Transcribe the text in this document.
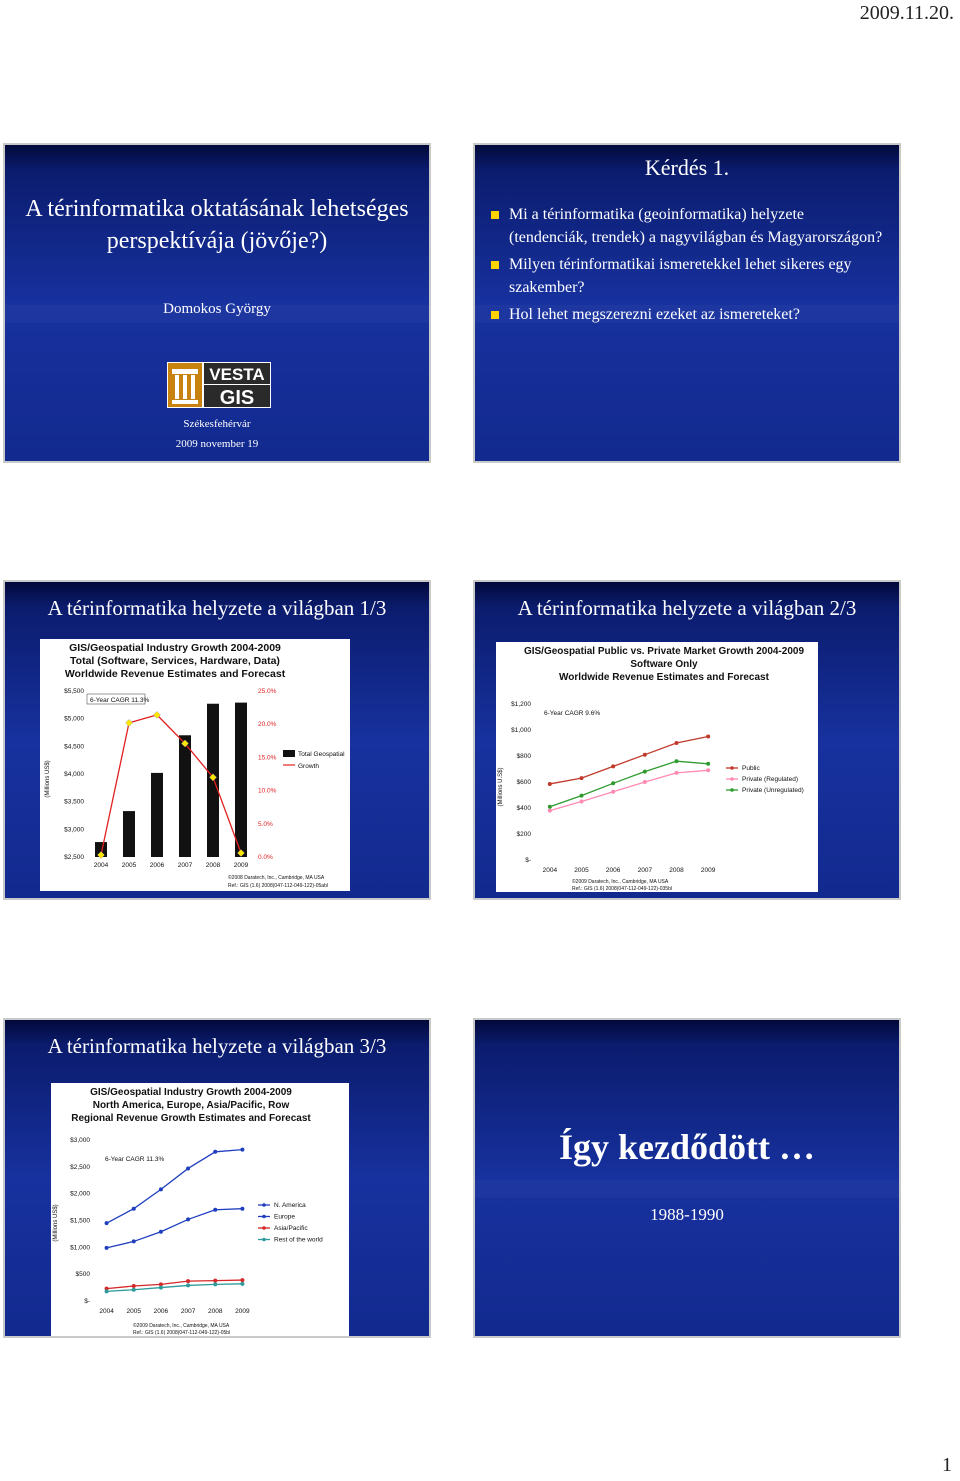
2009.11.20.
A térinformatika oktatásának lehetséges perspektívája (jövője?)
Domokos György
VESTA
GIS
Székesfehérvár
2009 november 19
Kérdés 1.
Mi a térinformatika (geoinformatika) helyzete (tendenciák, trendek) a nagyvilágban és Magyarországon?
Milyen térinformatikai ismeretekkel lehet sikeres egy szakember?
Hol lehet megszerezni ezeket az ismereteket?
A térinformatika helyzete a világban 1/3
GIS/Geospatial Industry Growth 2004-2009
Total (Software, Services, Hardware, Data)
Worldwide Revenue Estimates and Forecast
(Millions US$)
$5,500
$5,000
$4,500
$4,000
$3,500
$3,000
$2,500
25.0%
20.0%
15.0%
10.0%
5.0%
0.0%
2004 2005 2006 2007 2008 2009
6-Year CAGR 11.3%
Total Geospatial
Growth
©2008 Daratech, Inc., Cambridge, MA USA
Ref.: GIS (1.6) 2008(047-112-049-122)-05abl
A térinformatika helyzete a világban 2/3
GIS/Geospatial Public vs. Private Market Growth 2004-2009
Software Only
Worldwide Revenue Estimates and Forecast
(Millions U.S$)
$1,200
$1,000
$800
$600
$400
$200
$-
2004	2005	2006	2007	2008	2009
6-Year CAGR 9.6%
Public
Private (Regulated)
Private (Unregulated)
©2009 Daratech, Inc., Cambridge, MA USA
Ref.: GIS (1.6) 2008(047-112-049-122)-035bl
A térinformatika helyzete a világban 3/3
GIS/Geospatial Industry Growth 2004-2009
North America, Europe, Asia/Pacific, Row
Regional Revenue Growth Estimates and Forecast
(Millions US$)
$3,000
$2,500
$2,000
$1,500
$1,000
$500
$-
2004 2005 2006 2007 2008 2009
6-Year CAGR 11.3%
N. America
Europe
Asia/Pacific
Rest of the world
©2009 Daratech, Inc., Cambridge, MA USA
Ref.: GIS (1.6) 2008(047-112-049-122)-05bl
Így kezdődött …
1988-1990
1
